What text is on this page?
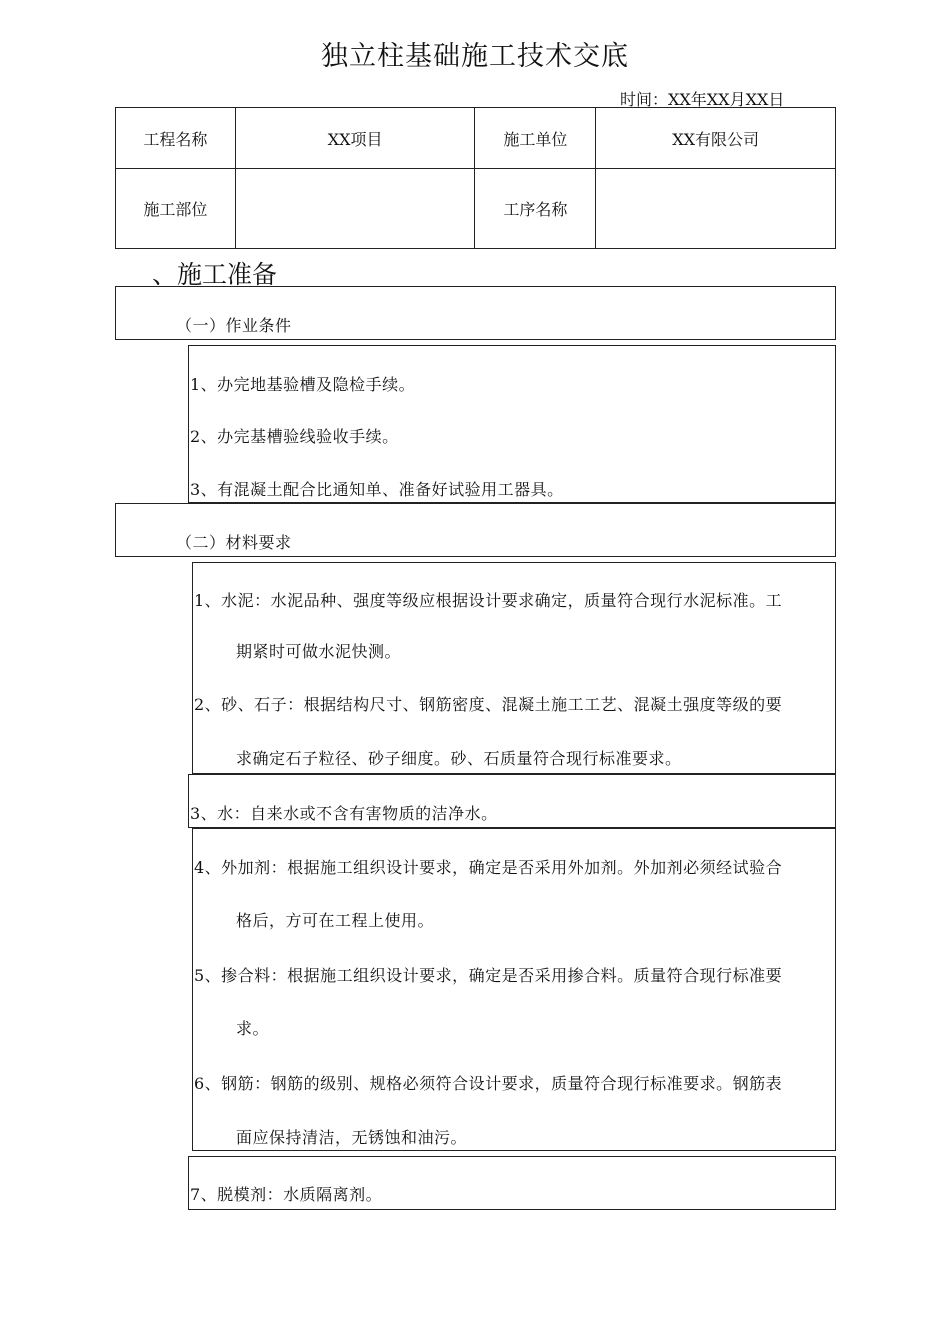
独立柱基础施工技术交底
时间：XX年XX月XX日
工程名称	XX项目	施工单位	XX有限公司
施工部位		工序名称	
、施工准备
（一）作业条件
1、办完地基验槽及隐检手续。
2、办完基槽验线验收手续。
3、有混凝土配合比通知单、准备好试验用工器具。
（二）材料要求
1、水泥：水泥品种、强度等级应根据设计要求确定，质量符合现行水泥标准。工
期紧时可做水泥快测。
2、砂、石子：根据结构尺寸、钢筋密度、混凝土施工工艺、混凝土强度等级的要
求确定石子粒径、砂子细度。砂、石质量符合现行标准要求。
3、水：自来水或不含有害物质的洁净水。
4、外加剂：根据施工组织设计要求，确定是否采用外加剂。外加剂必须经试验合
格后，方可在工程上使用。
5、掺合料：根据施工组织设计要求，确定是否采用掺合料。质量符合现行标准要
求。
6、钢筋：钢筋的级别、规格必须符合设计要求，质量符合现行标准要求。钢筋表
面应保持清洁，无锈蚀和油污。
7、脱模剂：水质隔离剂。
